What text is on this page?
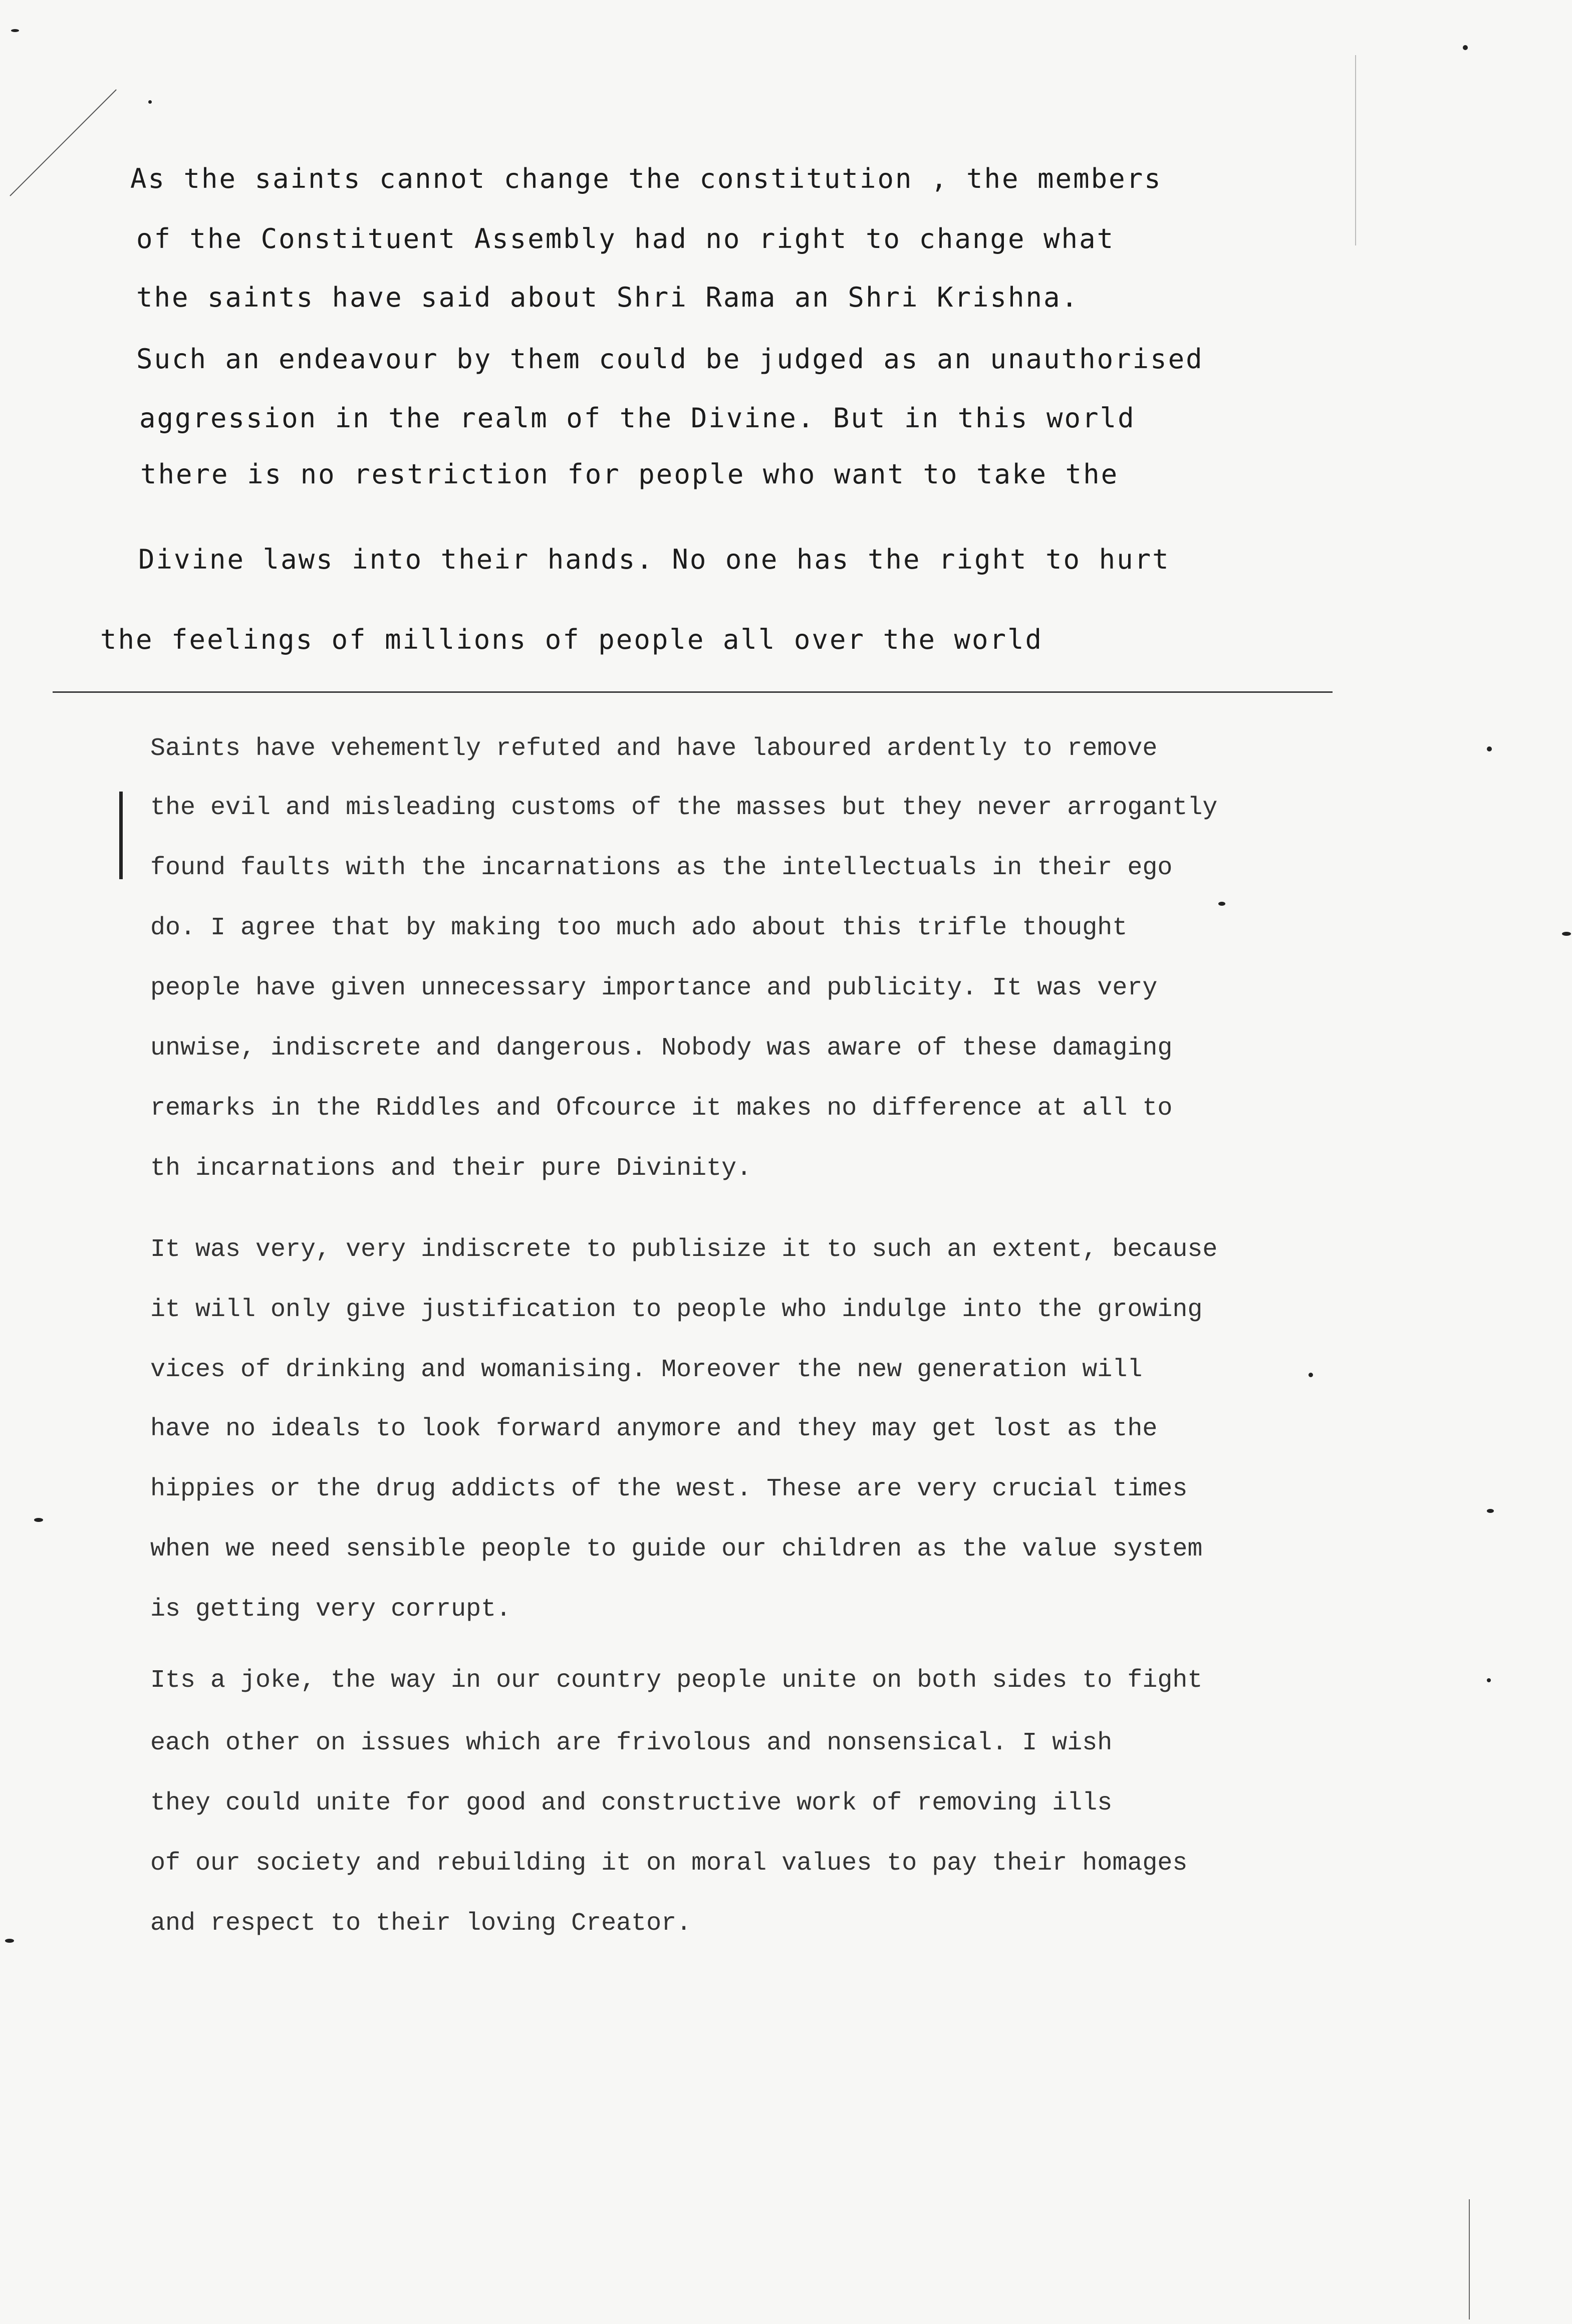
As the saints cannot change the constitution , the members
of the Constituent Assembly had no right to change what
the saints have said about Shri Rama an Shri Krishna.
Such an endeavour by them could be judged as an unauthorised
aggression in the realm of the Divine. But in this world
there is no restriction for people who want to take the
Divine laws into their hands. No one has the right to hurt
the feelings of millions of people all over the world
Saints have vehemently refuted and have laboured ardently to remove
the evil and misleading customs of the masses but they never arrogantly
found faults with the incarnations as the intellectuals in their ego
do. I agree that by making too much ado about this trifle thought
people have given unnecessary importance and publicity. It was very
unwise, indiscrete and dangerous. Nobody was aware of these damaging
remarks in the Riddles and Ofcource it makes no difference at all to
th incarnations and their pure Divinity.
It was very, very indiscrete to publisize it to such an extent, because
it will only give justification to people who indulge into the growing
vices of drinking and womanising. Moreover the new generation will
have no ideals to look forward anymore and they may get lost as the
hippies or the drug addicts of the west. These are very crucial times
when we need sensible people to guide our children as the value system
is getting very corrupt.
Its a joke, the way in our country people unite on both sides to fight
each other on issues which are frivolous and nonsensical. I wish
they could unite for good and constructive work of removing ills
of our society and rebuilding it on moral values to pay their homages
and respect to their loving Creator.
